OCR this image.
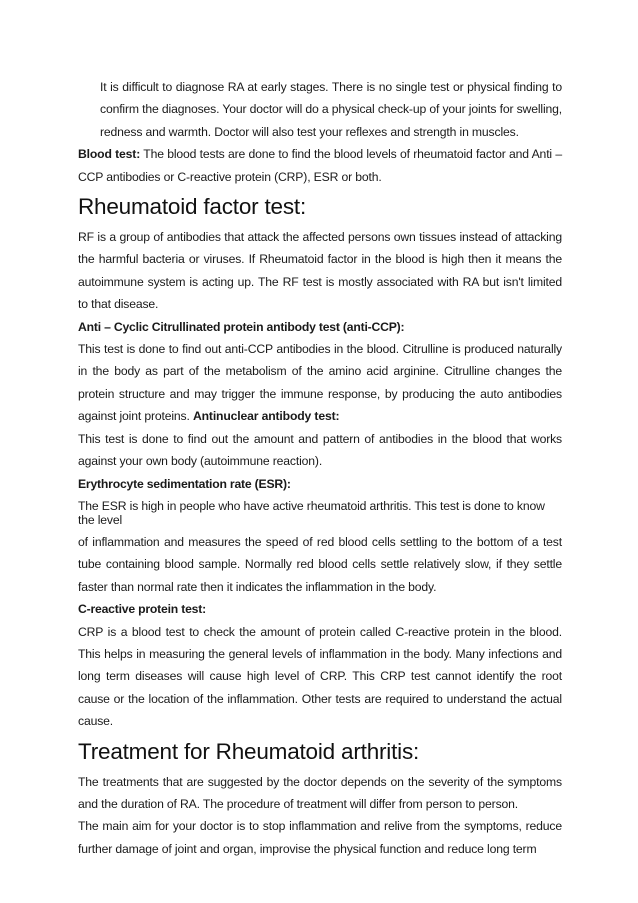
It is difficult to diagnose RA at early stages. There is no single test or physical finding to confirm the diagnoses. Your doctor will do a physical check-up of your joints for swelling, redness and warmth. Doctor will also test your reflexes and strength in muscles.

Blood test: The blood tests are done to find the blood levels of rheumatoid factor and Anti – CCP antibodies or C-reactive protein (CRP), ESR or both.

Rheumatoid factor test:

RF is a group of antibodies that attack the affected persons own tissues instead of attacking the harmful bacteria or viruses. If Rheumatoid factor in the blood is high then it means the autoimmune system is acting up. The RF test is mostly associated with RA but isn't limited to that disease.

Anti – Cyclic Citrullinated protein antibody test (anti-CCP):

This test is done to find out anti-CCP antibodies in the blood. Citrulline is produced naturally in the body as part of the metabolism of the amino acid arginine. Citrulline changes the protein structure and may trigger the immune response, by producing the auto antibodies against joint proteins. Antinuclear antibody test:

This test is done to find out the amount and pattern of antibodies in the blood that works against your own body (autoimmune reaction).

Erythrocyte sedimentation rate (ESR):

The ESR is high in people who have active rheumatoid arthritis. This test is done to know the level

of inflammation and measures the speed of red blood cells settling to the bottom of a test tube containing blood sample. Normally red blood cells settle relatively slow, if they settle faster than normal rate then it indicates the inflammation in the body.

C-reactive protein test:

CRP is a blood test to check the amount of protein called C-reactive protein in the blood. This helps in measuring the general levels of inflammation in the body. Many infections and long term diseases will cause high level of CRP. This CRP test cannot identify the root cause or the location of the inflammation. Other tests are required to understand the actual cause.

Treatment for Rheumatoid arthritis:

The treatments that are suggested by the doctor depends on the severity of the symptoms and the duration of RA. The procedure of treatment will differ from person to person.

The main aim for your doctor is to stop inflammation and relive from the symptoms, reduce further damage of joint and organ, improvise the physical function and reduce long term
